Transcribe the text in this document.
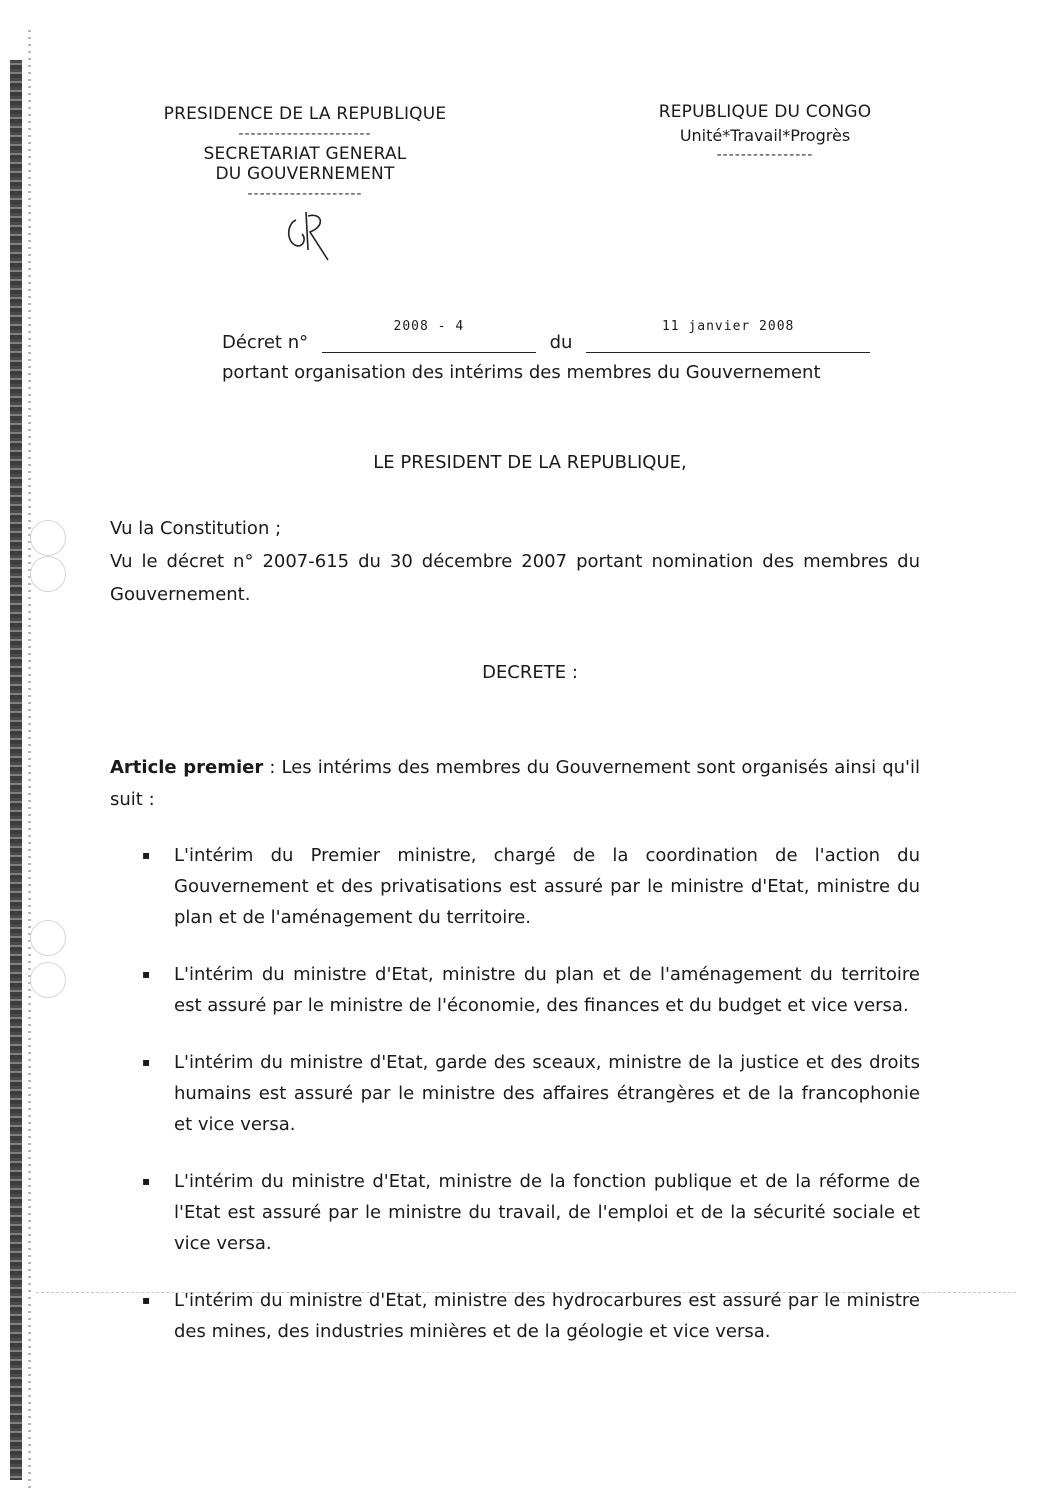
PRESIDENCE DE LA REPUBLIQUE
----------------------
SECRETARIAT GENERAL
DU GOUVERNEMENT
-------------------
REPUBLIQUE DU CONGO
Unité*Travail*Progrès
----------------
Décret n°
2008 - 4
du
11 janvier 2008

portant organisation des intérims des membres du Gouvernement
LE PRESIDENT DE LA REPUBLIQUE,

Vu la Constitution ;

Vu le décret n° 2007-615 du 30 décembre 2007 portant nomination des membres du Gouvernement.

DECRETE :
Article premier : Les intérims des membres du Gouvernement sont organisés ainsi qu'il suit :
▪ L'intérim du Premier ministre, chargé de la coordination de l'action du Gouvernement et des privatisations est assuré par le ministre d'Etat, ministre du plan et de l'aménagement du territoire.
▪ L'intérim du ministre d'Etat, ministre du plan et de l'aménagement du territoire est assuré par le ministre de l'économie, des finances et du budget et vice versa.
▪ L'intérim du ministre d'Etat, garde des sceaux, ministre de la justice et des droits humains est assuré par le ministre des affaires étrangères et de la francophonie et vice versa.
▪ L'intérim du ministre d'Etat, ministre de la fonction publique et de la réforme de l'Etat est assuré par le ministre du travail, de l'emploi et de la sécurité sociale et vice versa.
▪ L'intérim du ministre d'Etat, ministre des hydrocarbures est assuré par le ministre des mines, des industries minières et de la géologie et vice versa.
